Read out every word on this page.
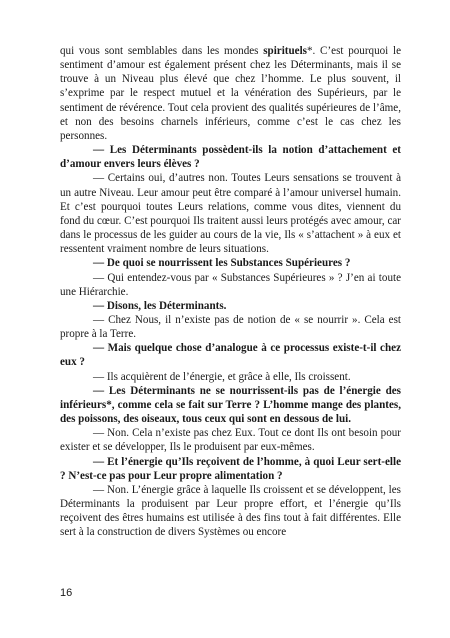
qui vous sont semblables dans les mondes spirituels*. C’est pourquoi le sentiment d’amour est également présent chez les Déterminants, mais il se trouve à un Niveau plus élevé que chez l’homme. Le plus souvent, il s’exprime par le respect mutuel et la vénération des Supérieurs, par le sentiment de révérence. Tout cela provient des qualités supérieures de l’âme, et non des besoins charnels inférieurs, comme c’est le cas chez les personnes.

— Les Déterminants possèdent-ils la notion d’attachement et d’amour envers leurs élèves ?

— Certains oui, d’autres non. Toutes Leurs sensations se trouvent à un autre Niveau. Leur amour peut être comparé à l’amour universel humain. Et c’est pourquoi toutes Leurs relations, comme vous dites, viennent du fond du cœur. C’est pourquoi Ils traitent aussi leurs protégés avec amour, car dans le processus de les guider au cours de la vie, Ils « s’attachent » à eux et ressentent vraiment nombre de leurs situations.

— De quoi se nourrissent les Substances Supérieures ?

— Qui entendez-vous par « Substances Supérieures » ? J’en ai toute une Hiérarchie.

— Disons, les Déterminants.

— Chez Nous, il n’existe pas de notion de « se nourrir ». Cela est propre à la Terre.

— Mais quelque chose d’analogue à ce processus existe-t-il chez eux ?

— Ils acquièrent de l’énergie, et grâce à elle, Ils croissent.

— Les Déterminants ne se nourrissent-ils pas de l’énergie des inférieurs*, comme cela se fait sur Terre ? L’homme mange des plantes, des poissons, des oiseaux, tous ceux qui sont en dessous de lui.

— Non. Cela n’existe pas chez Eux. Tout ce dont Ils ont besoin pour exister et se développer, Ils le produisent par eux-mêmes.

— Et l’énergie qu’Ils reçoivent de l’homme, à quoi Leur sert-elle ? N’est-ce pas pour Leur propre alimentation ?

— Non. L’énergie grâce à laquelle Ils croissent et se développent, les Déterminants la produisent par Leur propre effort, et l’énergie qu’Ils reçoivent des êtres humains est utilisée à des fins tout à fait différentes. Elle sert à la construction de divers Systèmes ou encore

16
